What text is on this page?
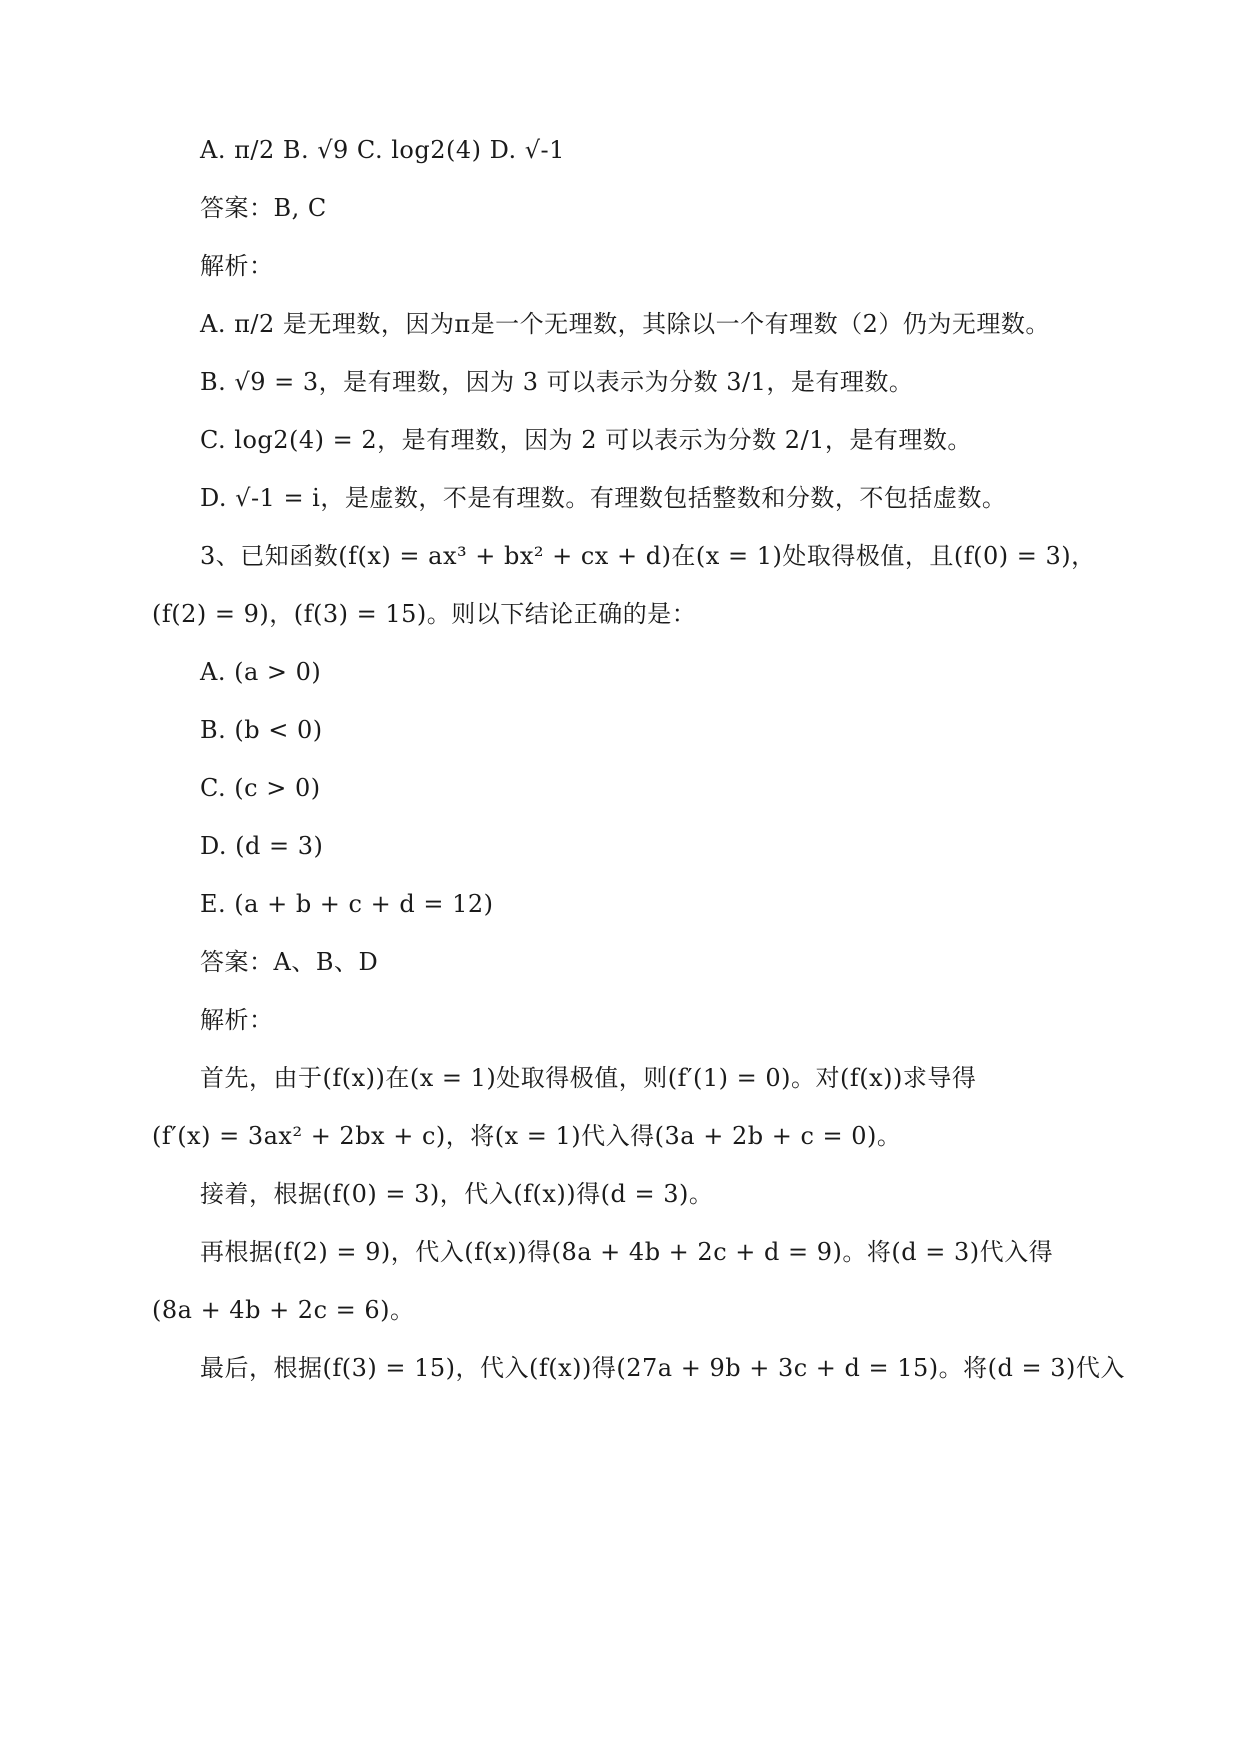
A. π/2 B. √9 C. log2(4) D. √-1
答案：B, C
解析：
A. π/2 是无理数，因为π是一个无理数，其除以一个有理数（2）仍为无理数。
B. √9 = 3，是有理数，因为 3 可以表示为分数 3/1，是有理数。
C. log2(4) = 2，是有理数，因为 2 可以表示为分数 2/1，是有理数。
D. √-1 = i，是虚数，不是有理数。有理数包括整数和分数，不包括虚数。
3、已知函数(f(x) = ax³ + bx² + cx + d)在(x = 1)处取得极值，且(f(0) = 3)，
(f(2) = 9)，(f(3) = 15)。则以下结论正确的是：
A. (a > 0)
B. (b < 0)
C. (c > 0)
D. (d = 3)
E. (a + b + c + d = 12)
答案：A、B、D
解析：
首先，由于(f(x))在(x = 1)处取得极值，则(f′(1) = 0)。对(f(x))求导得
(f′(x) = 3ax² + 2bx + c)，将(x = 1)代入得(3a + 2b + c = 0)。
接着，根据(f(0) = 3)，代入(f(x))得(d = 3)。
再根据(f(2) = 9)，代入(f(x))得(8a + 4b + 2c + d = 9)。将(d = 3)代入得
(8a + 4b + 2c = 6)。
最后，根据(f(3) = 15)，代入(f(x))得(27a + 9b + 3c + d = 15)。将(d = 3)代入
